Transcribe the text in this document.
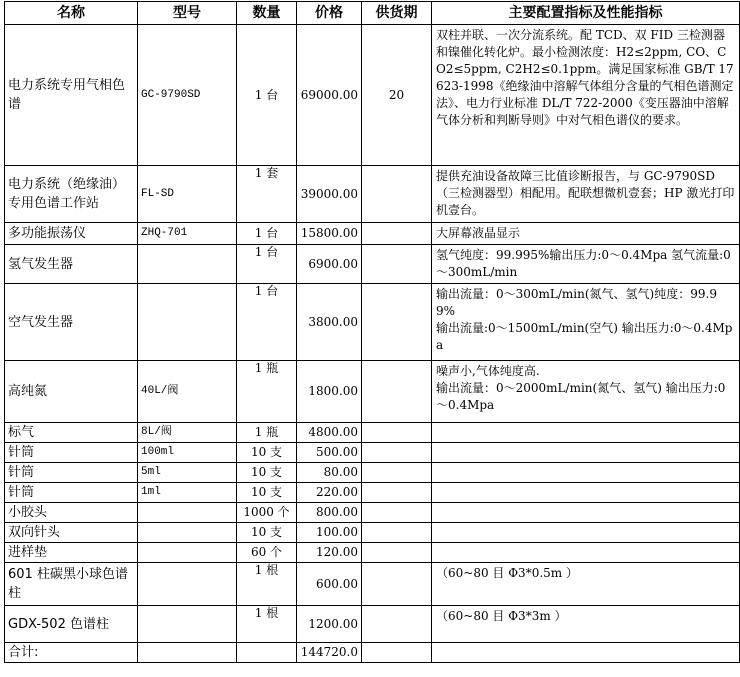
名称	型号	数量	价格	供货期	主要配置指标及性能指标
电力系统专用气相色谱	GC-9790SD	1 台	69000.00	20	双柱并联、一次分流系统。配 TCD、双 FID 三检测器和镍催化转化炉。最小检测浓度：H2≤2ppm, CO、CO2≤5ppm, C2H2≤0.1ppm。满足国家标准 GB/T 17623-1998《绝缘油中溶解气体组分含量的气相色谱测定法》、电力行业标准 DL/T 722-2000《变压器油中溶解气体分析和判断导则》中对气相色谱仪的要求。
电力系统（绝缘油）专用色谱工作站	FL-SD	1 套	39000.00		提供充油设备故障三比值诊断报告，与 GC-9790SD（三检测器型）相配用。配联想微机壹套；HP 激光打印机壹台。
多功能振荡仪	ZHQ-701	1 台	15800.00		大屏幕液晶显示
氢气发生器		1 台	6900.00		氢气纯度：99.995%输出压力:0～0.4Mpa 氢气流量:0～300mL/min
空气发生器		1 台	3800.00		输出流量：0～300mL/min(氮气、氢气)纯度：99.99%
输出流量:0～1500mL/min(空气) 输出压力:0～0.4Mpa
高纯氮	40L/阀	1 瓶	1800.00		噪声小,气体纯度高.
输出流量：0～2000mL/min(氮气、氢气) 输出压力:0～0.4Mpa
标气	8L/阀	1 瓶	4800.00		
针筒	100ml	10 支	500.00		
针筒	5ml	10 支	80.00		
针筒	1ml	10 支	220.00		
小胶头		1000 个	800.00		
双向针头		10 支	100.00		
进样垫		60 个	120.00		
601 柱碳黑小球色谱柱		1 根	600.00		（60~80 目 Φ3*0.5m ）
GDX-502 色谱柱		1 根	1200.00		（60~80 目 Φ3*3m ）
合计:			144720.0		
